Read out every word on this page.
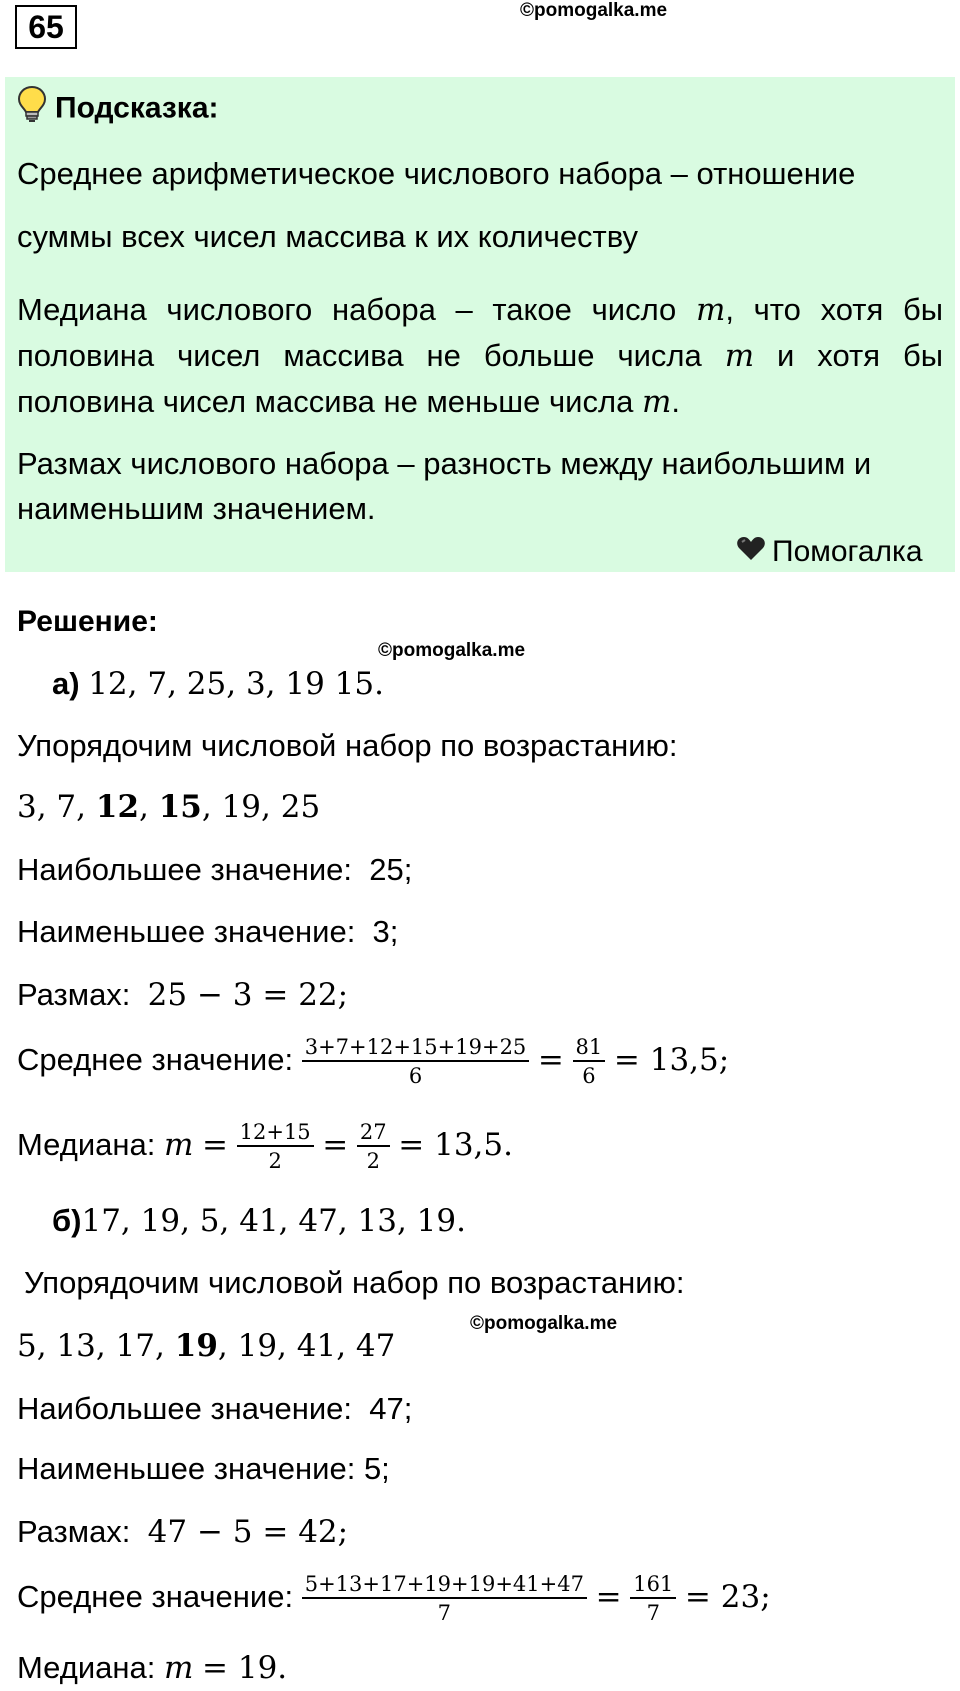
65	©pomogalka.me
Подсказка:
Среднее арифметическое числового набора – отношение
суммы всех чисел массива к их количеству
Медиана числового набора – такое число m, что хотя бы половина чисел массива не больше числа m и хотя бы половина чисел массива не меньше числа m.
Размах числового набора – разность между наибольшим и наименьшим значением.
Помогалка
Решение:
©pomogalka.me
а) 12, 7, 25, 3, 19 15.
Упорядочим числовой набор по возрастанию:
3, 7, 12, 15, 19, 25
Наибольшее значение: 25;
Наименьшее значение: 3;
Размах: 25 − 3 = 22;
Среднее значение: $\frac{3+7+12+15+19+25}{6} = \frac{81}{6} = 13,5$;
Медиана: $m = \frac{12+15}{2} = \frac{27}{2} = 13,5$.
б)17, 19, 5, 41, 47, 13, 19.
Упорядочим числовой набор по возрастанию:
©pomogalka.me
5, 13, 17, 19, 19, 41, 47
Наибольшее значение: 47;
Наименьшее значение: 5;
Размах: 47 − 5 = 42;
Среднее значение: $\frac{5+13+17+19+19+41+47}{7} = \frac{161}{7} = 23$;
Медиана: m = 19.
